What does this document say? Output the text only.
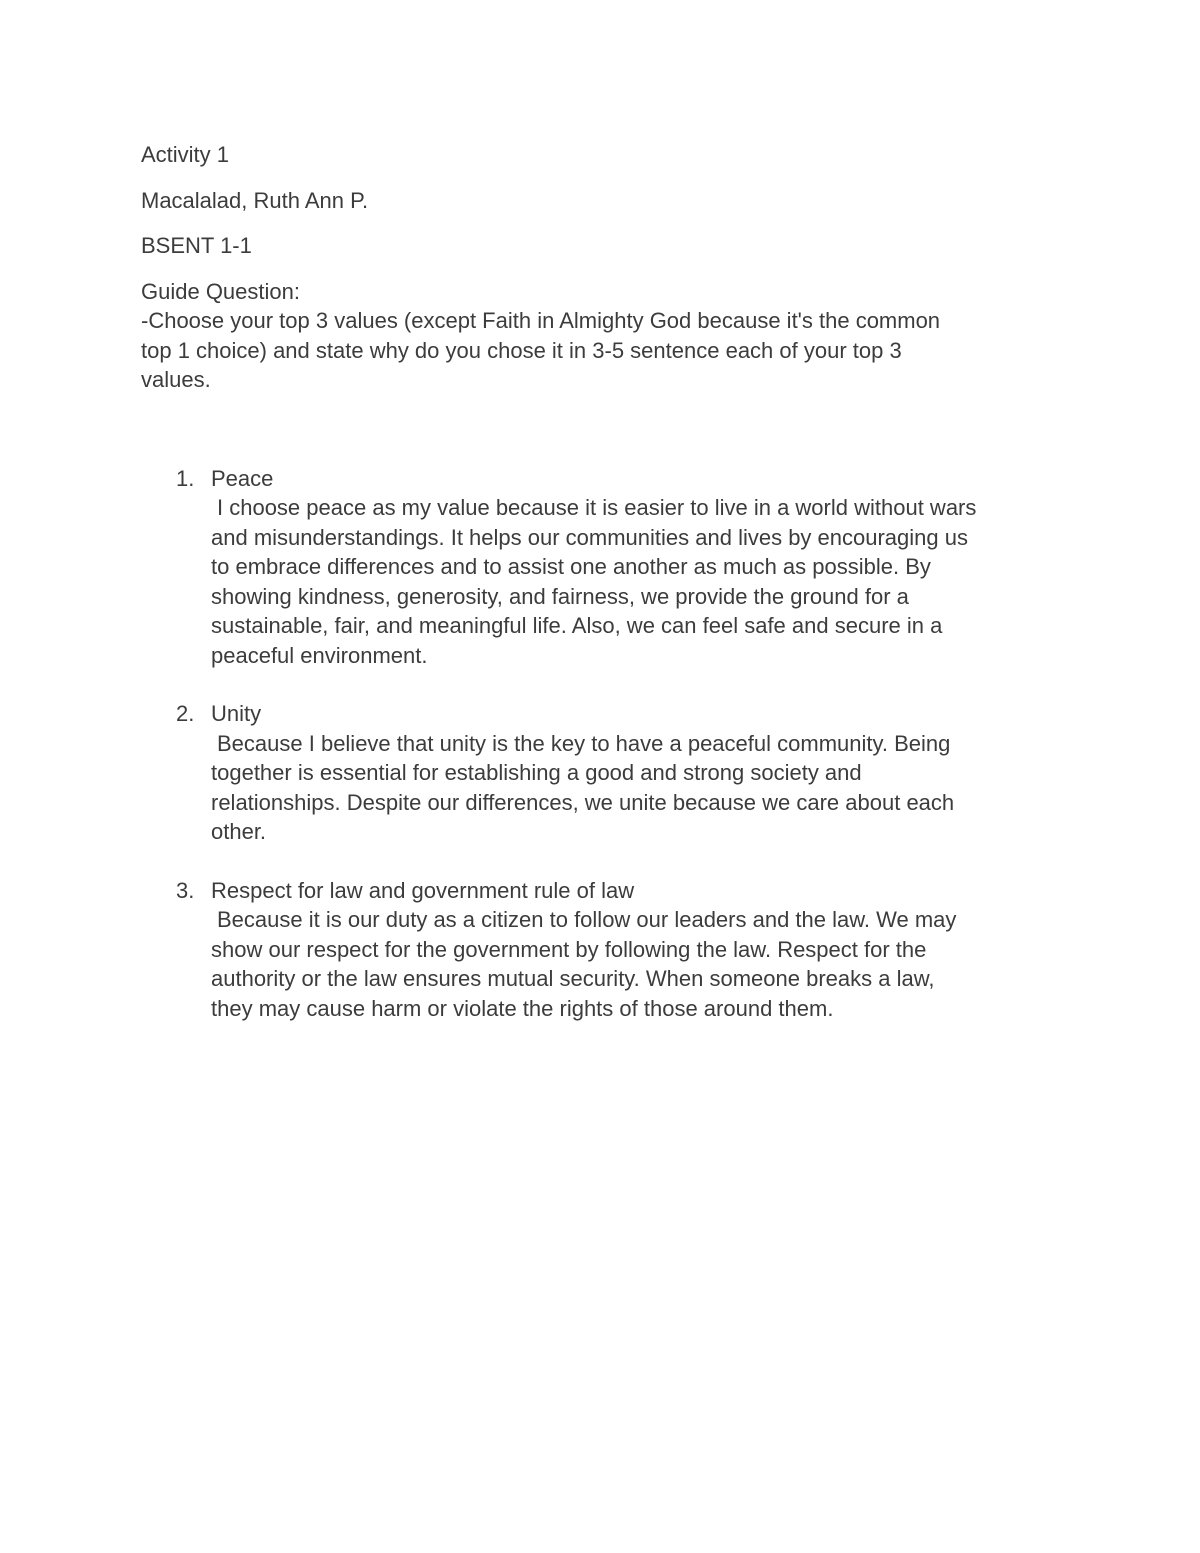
Activity 1

Macalalad, Ruth Ann P.

BSENT 1-1

Guide Question:

-Choose your top 3 values (except Faith in Almighty God because it's the common
top 1 choice) and state why do you chose it in 3-5 sentence each of your top 3
values.
1. Peace
I choose peace as my value because it is easier to live in a world without wars
and misunderstandings. It helps our communities and lives by encouraging us
to embrace differences and to assist one another as much as possible. By
showing kindness, generosity, and fairness, we provide the ground for a
sustainable, fair, and meaningful life. Also, we can feel safe and secure in a
peaceful environment.
2. Unity
Because I believe that unity is the key to have a peaceful community. Being
together is essential for establishing a good and strong society and
relationships. Despite our differences, we unite because we care about each
other.
3. Respect for law and government rule of law
Because it is our duty as a citizen to follow our leaders and the law. We may
show our respect for the government by following the law. Respect for the
authority or the law ensures mutual security. When someone breaks a law,
they may cause harm or violate the rights of those around them.
